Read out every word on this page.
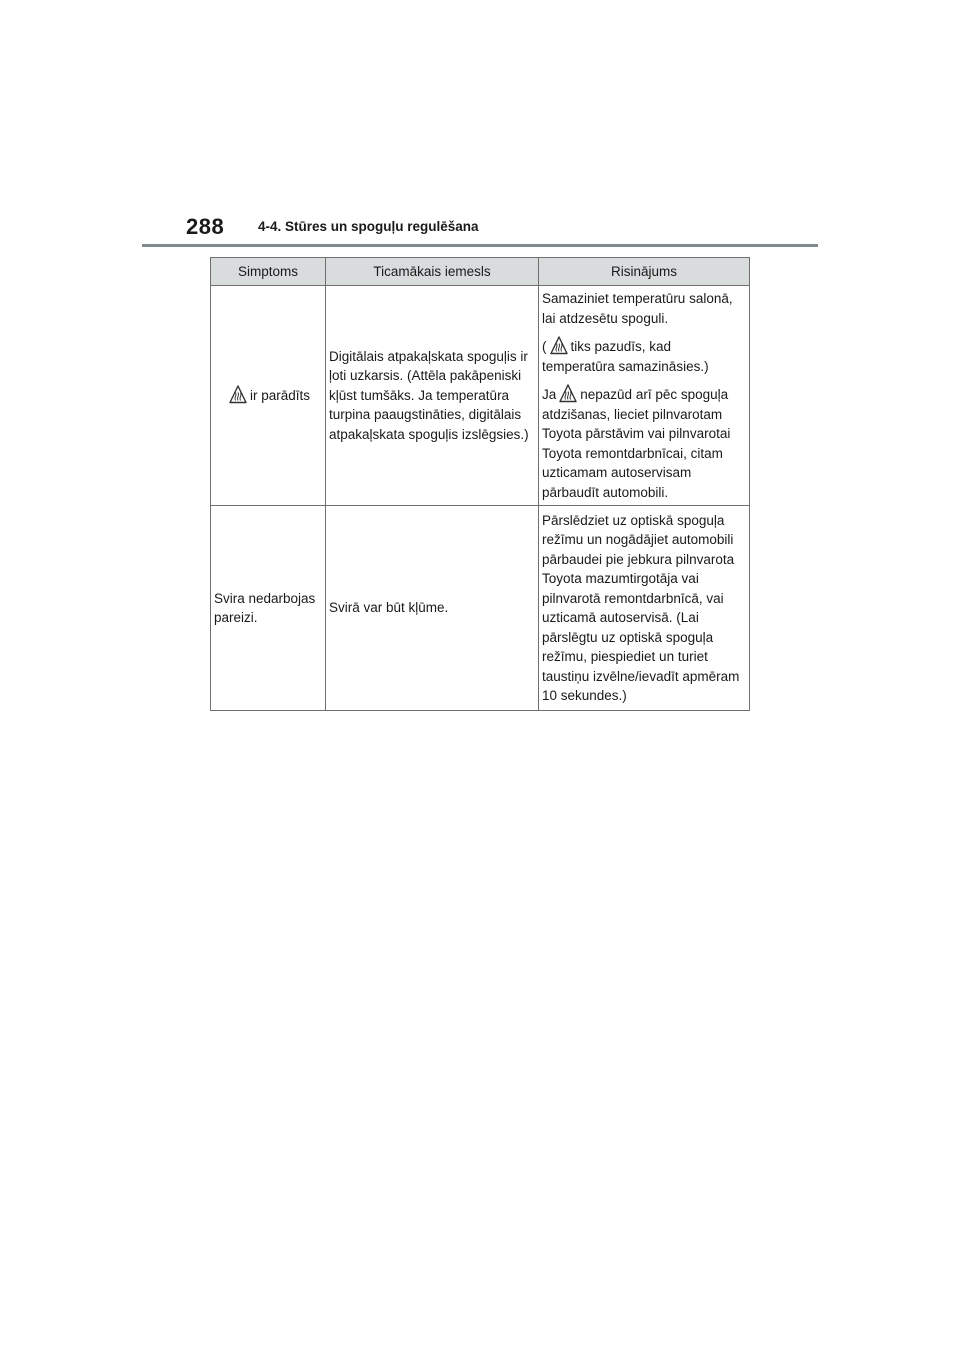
288	4-4. Stūres un spoguļu regulēšana
Simptoms	Ticamākais iemesls	Risinājums
ir parādīts	Digitālais atpakaļskata spoguļis ir ļoti uzkarsis. (Attēla pakāpeniski kļūst tumšāks. Ja temperatūra turpina paaugstināties, digitālais atpakaļskata spoguļis izslēgsies.)	Samaziniet temperatūru salonā, lai atdzesētu spoguli.

( tiks pazudīs, kad temperatūra samazināsies.)

Ja nepazūd arī pēc spoguļa atdzišanas, lieciet pilnvarotam Toyota pārstāvim vai pilnvarotai Toyota remontdarbnīcai, citam uzticamam autoservisam pārbaudīt automobili.

Svira nedarbojas pareizi.	Svirā var būt kļūme.	Pārslēdziet uz optiskā spoguļa režīmu un nogādājiet automobili pārbaudei pie jebkura pilnvarota Toyota mazumtirgotāja vai pilnvarotā remontdarbnīcā, vai uzticamā autoservisā. (Lai pārslēgtu uz optiskā spoguļa režīmu, piespiediet un turiet taustiņu izvēlne/ievadīt apmēram 10 sekundes.)
